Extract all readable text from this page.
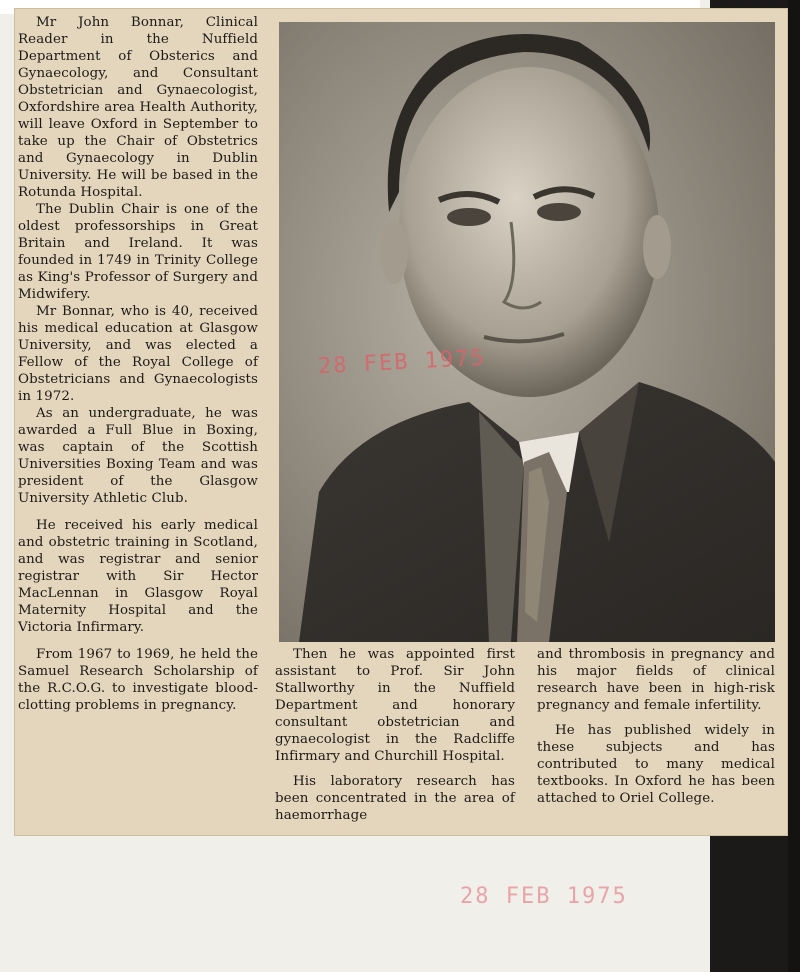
Mr John Bonnar, Clinical Reader in the Nuffield Department of Obsterics and Gynaecology, and Consultant Obstetrician and Gynaecologist, Oxfordshire area Health Authority, will leave Oxford in September to take up the Chair of Obstetrics and Gynaecology in Dublin University. He will be based in the Rotunda Hospital.

The Dublin Chair is one of the oldest professorships in Great Britain and Ireland. It was founded in 1749 in Trinity College as King's Professor of Surgery and Midwifery.

Mr Bonnar, who is 40, received his medical education at Glasgow University, and was elected a Fellow of the Royal College of Obstetricians and Gynaecologists in 1972.

As an undergraduate, he was awarded a Full Blue in Boxing, was captain of the Scottish Universities Boxing Team and was president of the Glasgow University Athletic Club.

He received his early medical and obstetric training in Scotland, and was registrar and senior registrar with Sir Hector MacLennan in Glasgow Royal Maternity Hospital and the Victoria Infirmary.

From 1967 to 1969, he held the Samuel Research Scholarship of the R.C.O.G. to investigate blood-clotting problems in pregnancy.

28 FEB 1975

Then he was appointed first assistant to Prof. Sir John Stallworthy in the Nuffield Department and honorary consultant obstetrician and gynaecologist in the Radcliffe Infirmary and Churchill Hospital.

His laboratory research has been concentrated in the area of haemorrhage

and thrombosis in pregnancy and his major fields of clinical research have been in high-risk pregnancy and female infertility.

He has published widely in these subjects and has contributed to many medical textbooks. In Oxford he has been attached to Oriel College.

28 FEB 1975
